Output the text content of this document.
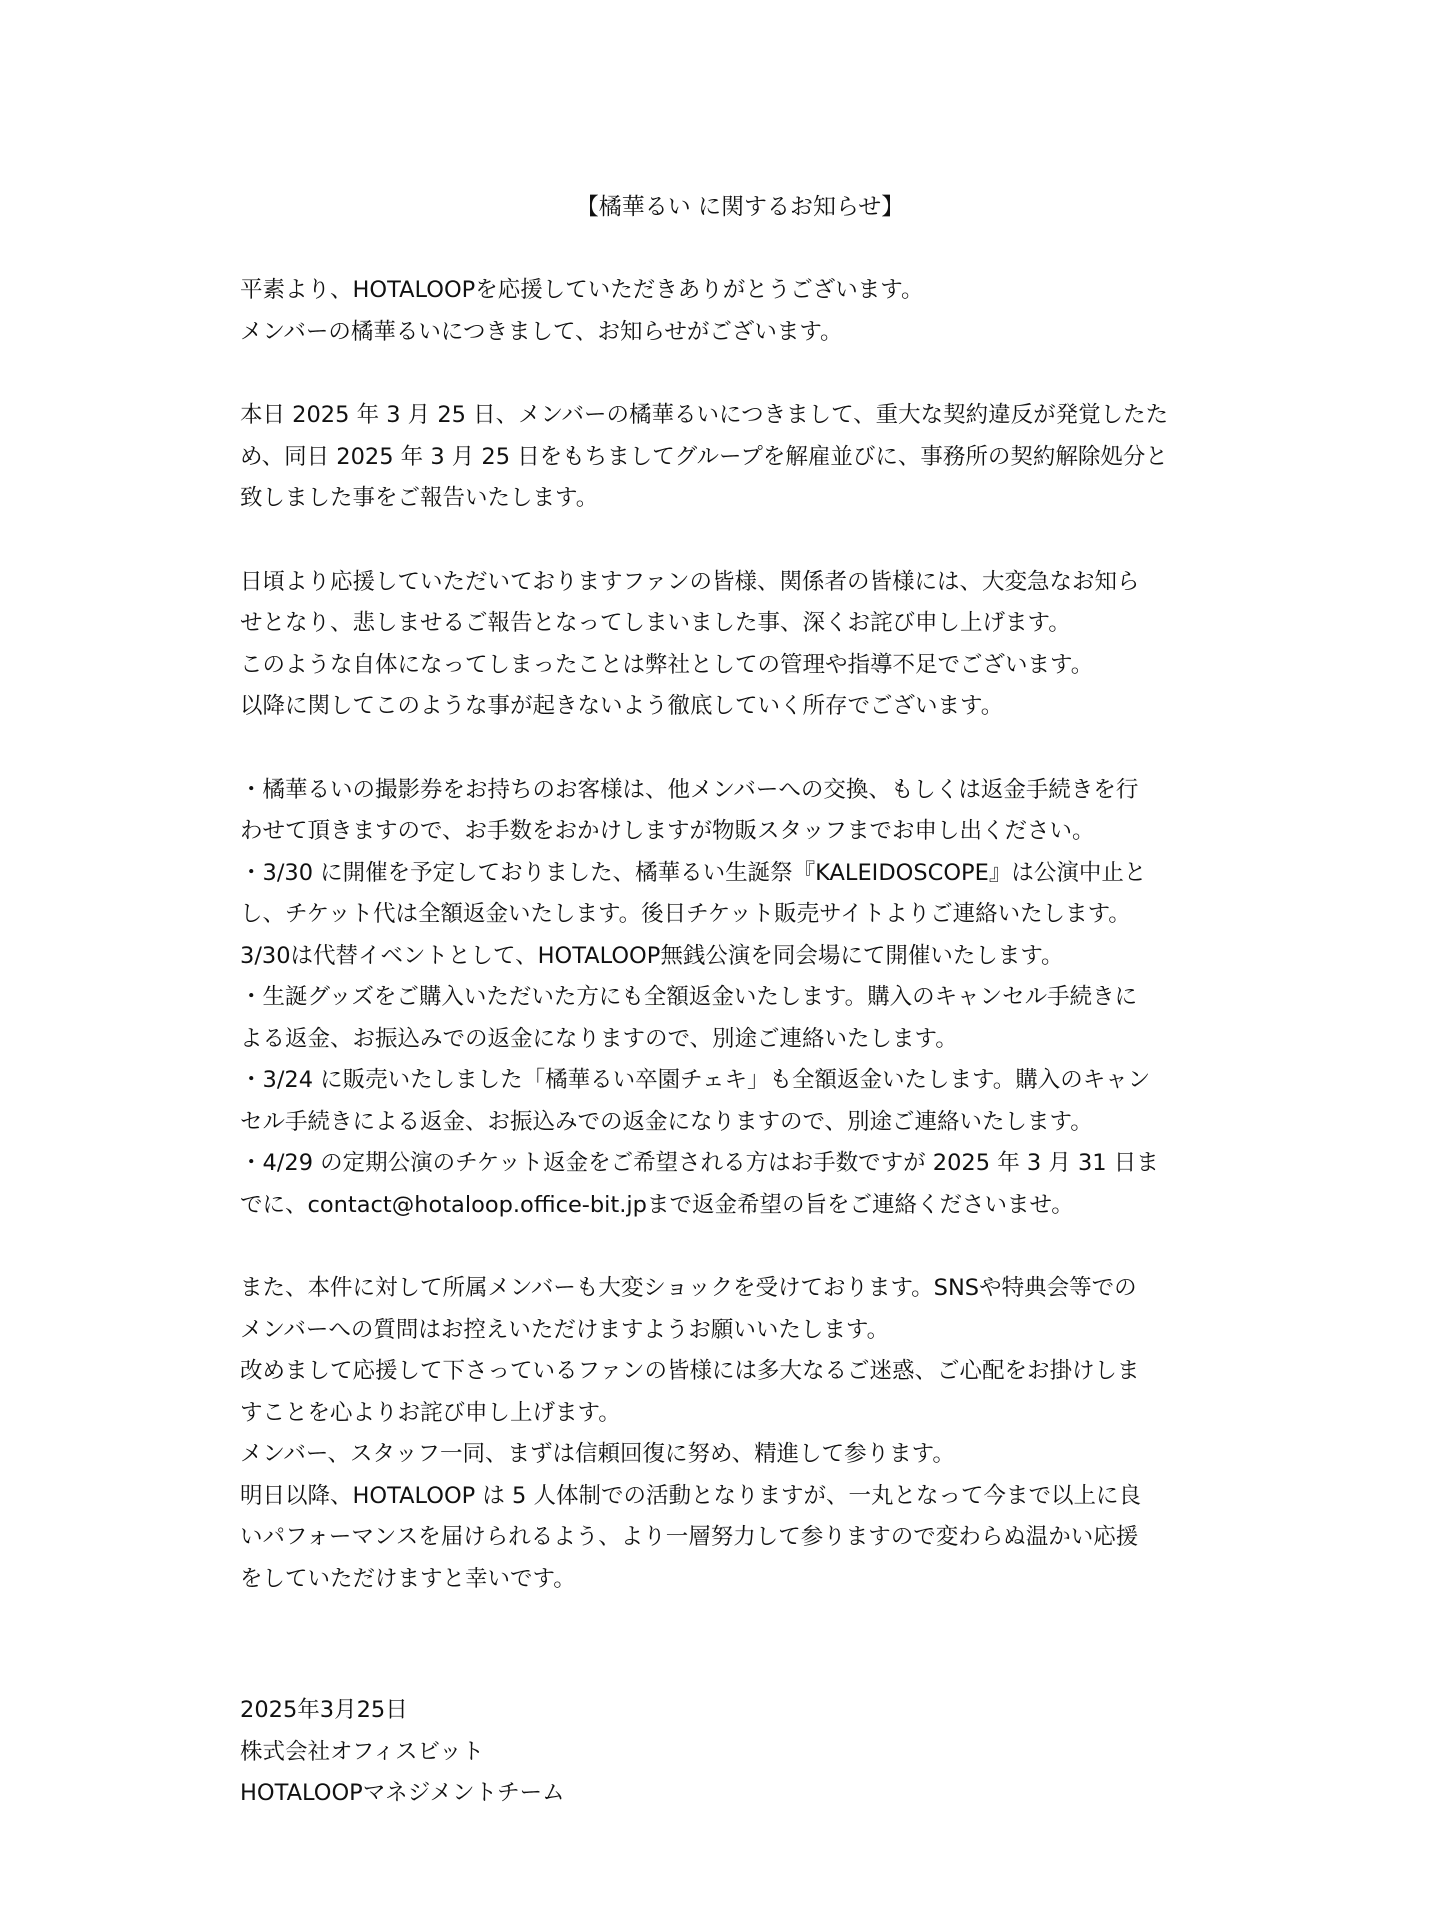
【橘華るい に関するお知らせ】
平素より、HOTALOOPを応援していただきありがとうございます。
メンバーの橘華るいにつきまして、お知らせがございます。
本日 2025 年 3 月 25 日、メンバーの橘華るいにつきまして、重大な契約違反が発覚したた
め、同日 2025 年 3 月 25 日をもちましてグループを解雇並びに、事務所の契約解除処分と
致しました事をご報告いたします。
日頃より応援していただいておりますファンの皆様、関係者の皆様には、大変急なお知ら
せとなり、悲しませるご報告となってしまいました事、深くお詫び申し上げます。
このような自体になってしまったことは弊社としての管理や指導不足でございます。
以降に関してこのような事が起きないよう徹底していく所存でございます。
・橘華るいの撮影券をお持ちのお客様は、他メンバーへの交換、もしくは返金手続きを行
わせて頂きますので、お手数をおかけしますが物販スタッフまでお申し出ください。
・3/30 に開催を予定しておりました、橘華るい生誕祭『KALEIDOSCOPE』は公演中止と
し、チケット代は全額返金いたします。後日チケット販売サイトよりご連絡いたします。
3/30は代替イベントとして、HOTALOOP無銭公演を同会場にて開催いたします。
・生誕グッズをご購入いただいた方にも全額返金いたします。購入のキャンセル手続きに
よる返金、お振込みでの返金になりますので、別途ご連絡いたします。
・3/24 に販売いたしました「橘華るい卒園チェキ」も全額返金いたします。購入のキャン
セル手続きによる返金、お振込みでの返金になりますので、別途ご連絡いたします。
・4/29 の定期公演のチケット返金をご希望される方はお手数ですが 2025 年 3 月 31 日ま
でに、contact@hotaloop.office-bit.jpまで返金希望の旨をご連絡くださいませ。
また、本件に対して所属メンバーも大変ショックを受けております。SNSや特典会等での
メンバーへの質問はお控えいただけますようお願いいたします。
改めまして応援して下さっているファンの皆様には多大なるご迷惑、ご心配をお掛けしま
すことを心よりお詫び申し上げます。
メンバー、スタッフ一同、まずは信頼回復に努め、精進して参ります。
明日以降、HOTALOOP は 5 人体制での活動となりますが、一丸となって今まで以上に良
いパフォーマンスを届けられるよう、より一層努力して参りますので変わらぬ温かい応援
をしていただけますと幸いです。
2025年3月25日
株式会社オフィスビット
HOTALOOPマネジメントチーム
